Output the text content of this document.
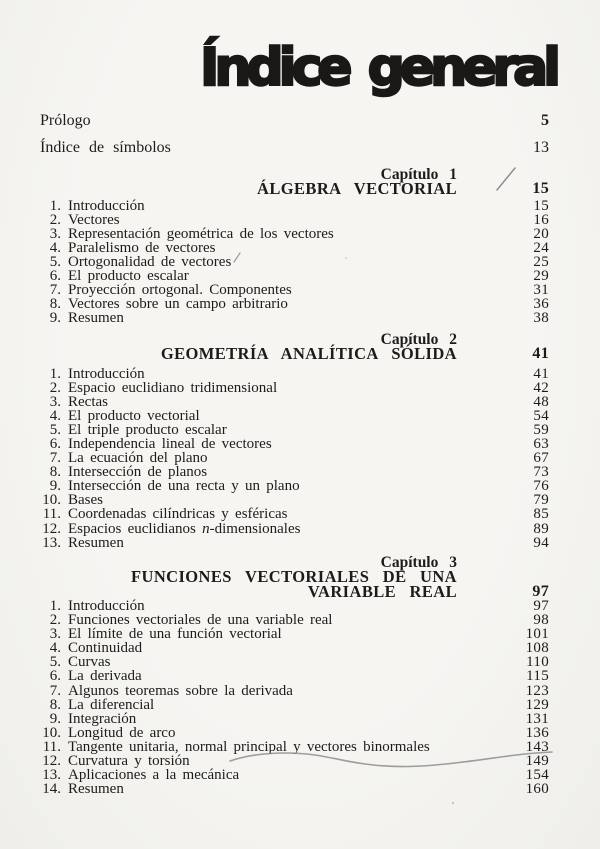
Índice general
Prólogo	5
Índice de símbolos	13
Capítulo 1
ÁLGEBRA VECTORIAL	15
1. Introducción	15
2. Vectores	16
3. Representación geométrica de los vectores	20
4. Paralelismo de vectores	24
5. Ortogonalidad de vectores	25
6. El producto escalar	29
7. Proyección ortogonal. Componentes	31
8. Vectores sobre un campo arbitrario	36
9. Resumen	38
Capítulo 2
GEOMETRÍA ANALÍTICA SÓLIDA	41
1. Introducción	41
2. Espacio euclidiano tridimensional	42
3. Rectas	48
4. El producto vectorial	54
5. El triple producto escalar	59
6. Independencia lineal de vectores	63
7. La ecuación del plano	67
8. Intersección de planos	73
9. Intersección de una recta y un plano	76
10. Bases	79
11. Coordenadas cilíndricas y esféricas	85
12. Espacios euclidianos n-dimensionales	89
13. Resumen	94
Capítulo 3
FUNCIONES VECTORIALES DE UNA
VARIABLE REAL	97
1. Introducción	97
2. Funciones vectoriales de una variable real	98
3. El límite de una función vectorial	101
4. Continuidad	108
5. Curvas	110
6. La derivada	115
7. Algunos teoremas sobre la derivada	123
8. La diferencial	129
9. Integración	131
10. Longitud de arco	136
11. Tangente unitaria, normal principal y vectores binormales	143
12. Curvatura y torsión	149
13. Aplicaciones a la mecánica	154
14. Resumen	160
